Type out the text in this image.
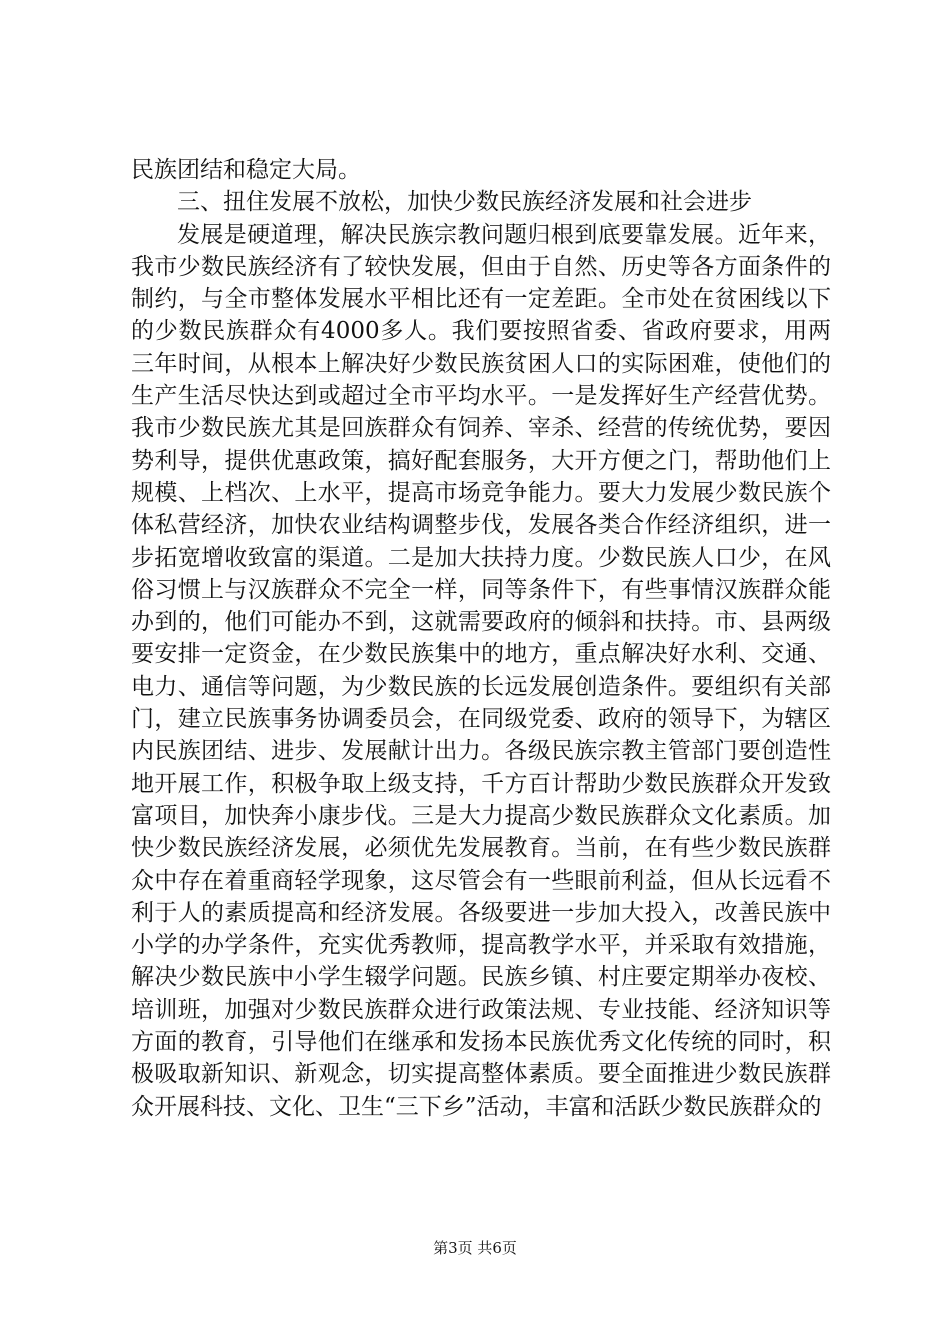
民族团结和稳定大局。

三、扭住发展不放松，加快少数民族经济发展和社会进步

发展是硬道理，解决民族宗教问题归根到底要靠发展。近年来，我市少数民族经济有了较快发展，但由于自然、历史等各方面条件的制约，与全市整体发展水平相比还有一定差距。全市处在贫困线以下的少数民族群众有4000多人。我们要按照省委、省政府要求，用两三年时间，从根本上解决好少数民族贫困人口的实际困难，使他们的生产生活尽快达到或超过全市平均水平。一是发挥好生产经营优势。我市少数民族尤其是回族群众有饲养、宰杀、经营的传统优势，要因势利导，提供优惠政策，搞好配套服务，大开方便之门，帮助他们上规模、上档次、上水平，提高市场竞争能力。要大力发展少数民族个体私营经济，加快农业结构调整步伐，发展各类合作经济组织，进一步拓宽增收致富的渠道。二是加大扶持力度。少数民族人口少，在风俗习惯上与汉族群众不完全一样，同等条件下，有些事情汉族群众能办到的，他们可能办不到，这就需要政府的倾斜和扶持。市、县两级要安排一定资金，在少数民族集中的地方，重点解决好水利、交通、电力、通信等问题，为少数民族的长远发展创造条件。要组织有关部门，建立民族事务协调委员会，在同级党委、政府的领导下，为辖区内民族团结、进步、发展献计出力。各级民族宗教主管部门要创造性地开展工作，积极争取上级支持，千方百计帮助少数民族群众开发致富项目，加快奔小康步伐。三是大力提高少数民族群众文化素质。加快少数民族经济发展，必须优先发展教育。当前，在有些少数民族群众中存在着重商轻学现象，这尽管会有一些眼前利益，但从长远看不利于人的素质提高和经济发展。各级要进一步加大投入，改善民族中小学的办学条件，充实优秀教师，提高教学水平，并采取有效措施，解决少数民族中小学生辍学问题。民族乡镇、村庄要定期举办夜校、培训班，加强对少数民族群众进行政策法规、专业技能、经济知识等方面的教育，引导他们在继承和发扬本民族优秀文化传统的同时，积极吸取新知识、新观念，切实提高整体素质。要全面推进少数民族群众开展科技、文化、卫生“三下乡”活动，丰富和活跃少数民族群众的

第3页 共6页
